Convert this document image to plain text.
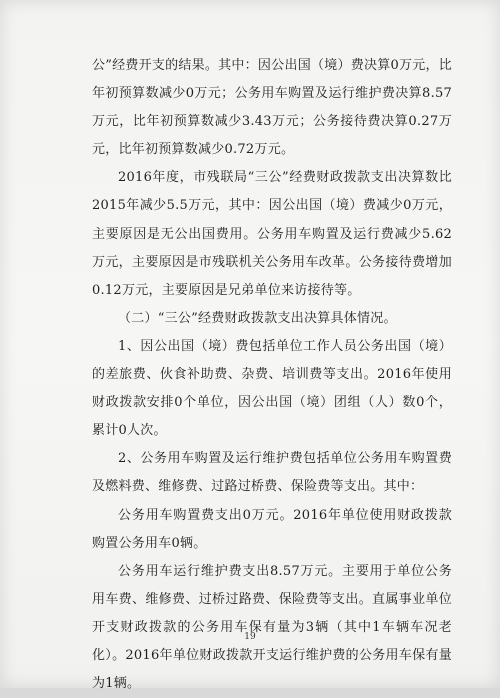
公”经费开支的结果。其中：因公出国（境）费决算0万元，比年初预算数减少0万元；公务用车购置及运行维护费决算8.57万元，比年初预算数减少3.43万元；公务接待费决算0.27万元，比年初预算数减少0.72万元。

2016年度，市残联局“三公”经费财政拨款支出决算数比2015年减少5.5万元，其中：因公出国（境）费减少0万元，主要原因是无公出国费用。公务用车购置及运行费减少5.62万元，主要原因是市残联机关公务用车改革。公务接待费增加0.12万元，主要原因是兄弟单位来访接待等。

（二）“三公”经费财政拨款支出决算具体情况。

1、因公出国（境）费包括单位工作人员公务出国（境）的差旅费、伙食补助费、杂费、培训费等支出。2016年使用财政拨款安排0个单位，因公出国（境）团组（人）数0个，累计0人次。

2、公务用车购置及运行维护费包括单位公务用车购置费及燃料费、维修费、过路过桥费、保险费等支出。其中：

公务用车购置费支出0万元。2016年单位使用财政拨款购置公务用车0辆。

公务用车运行维护费支出8.57万元。主要用于单位公务用车费、维修费、过桥过路费、保险费等支出。直属事业单位开支财政拨款的公务用车保有量为3辆（其中1车辆车况老化）。2016年单位财政拨款开支运行维护费的公务用车保有量为1辆。

19
